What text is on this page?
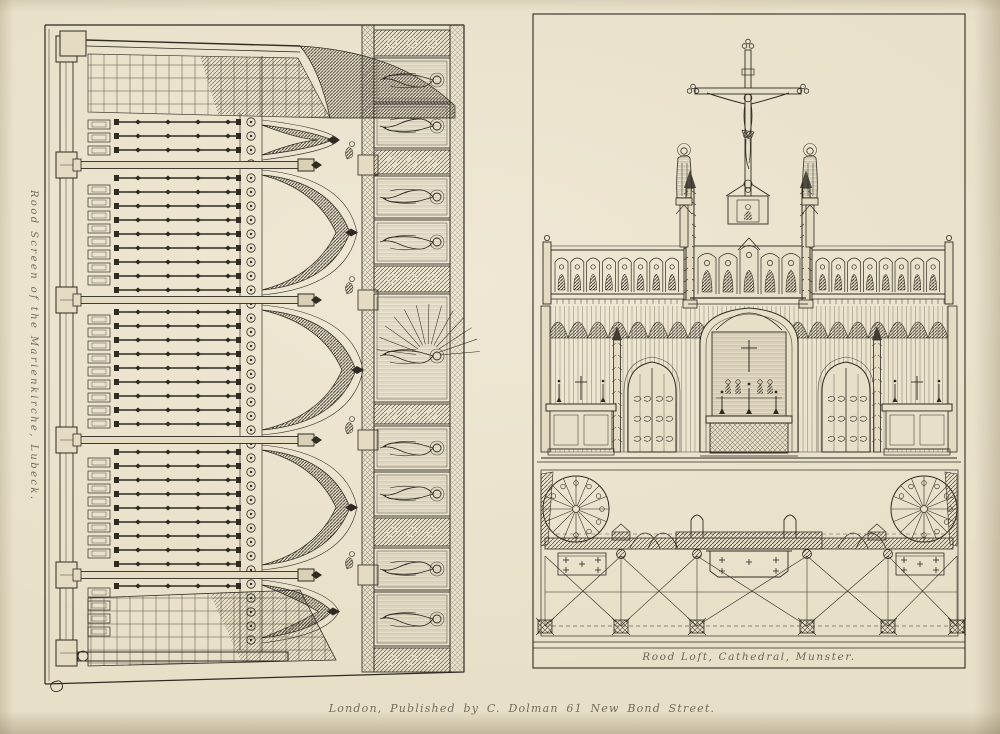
Rood Screen of the Marienkirche, Lubeck.
Rood Loft, Cathedral, Munster.
London, Published by C. Dolman 61 New Bond Street.
